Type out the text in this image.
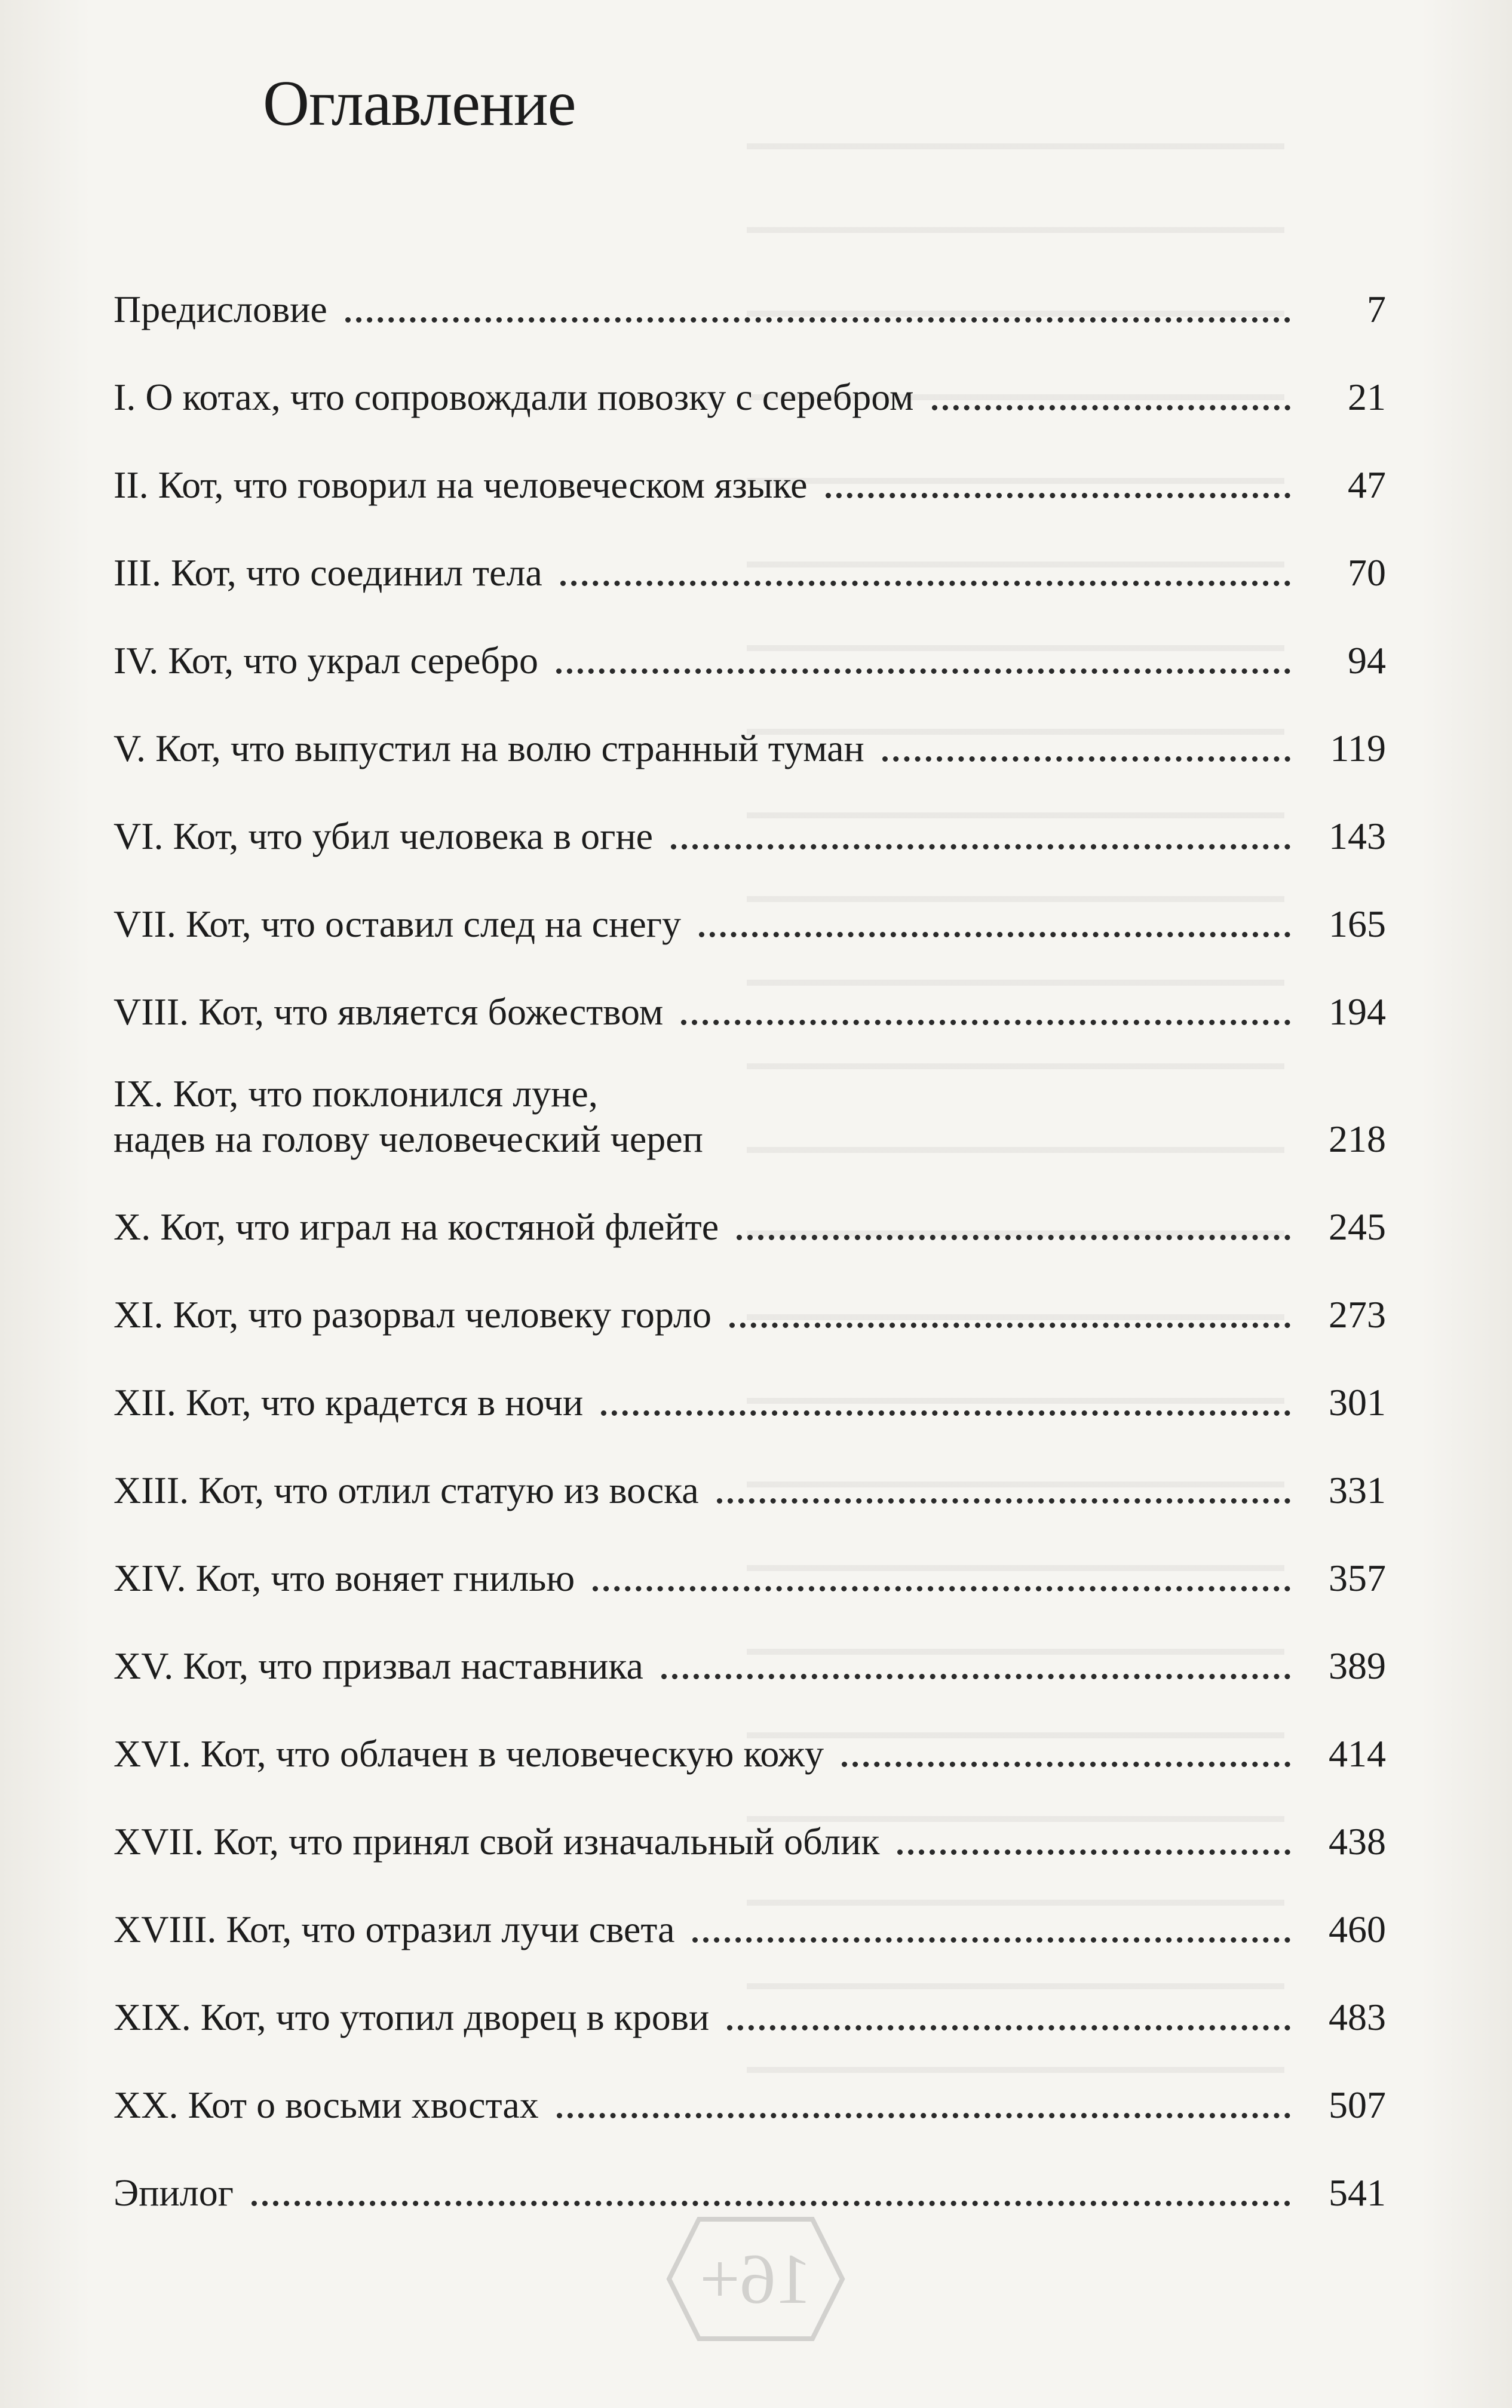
Оглавление
Предисловие	7
I. О котах, что сопровождали повозку с серебром	21
II. Кот, что говорил на человеческом языке	47
III. Кот, что соединил тела	70
IV. Кот, что украл серебро	94
V. Кот, что выпустил на волю странный туман	119
VI. Кот, что убил человека в огне	143
VII. Кот, что оставил след на снегу	165
VIII. Кот, что является божеством	194
IX. Кот, что поклонился луне,
надев на голову человеческий череп	218
X. Кот, что играл на костяной флейте	245
XI. Кот, что разорвал человеку горло	273
XII. Кот, что крадется в ночи	301
XIII. Кот, что отлил статую из воска	331
XIV. Кот, что воняет гнилью	357
XV. Кот, что призвал наставника	389
XVI. Кот, что облачен в человеческую кожу	414
XVII. Кот, что принял свой изначальный облик	438
XVIII. Кот, что отразил лучи света	460
XIX. Кот, что утопил дворец в крови	483
XX. Кот о восьми хвостах	507
Эпилог	541
16+
